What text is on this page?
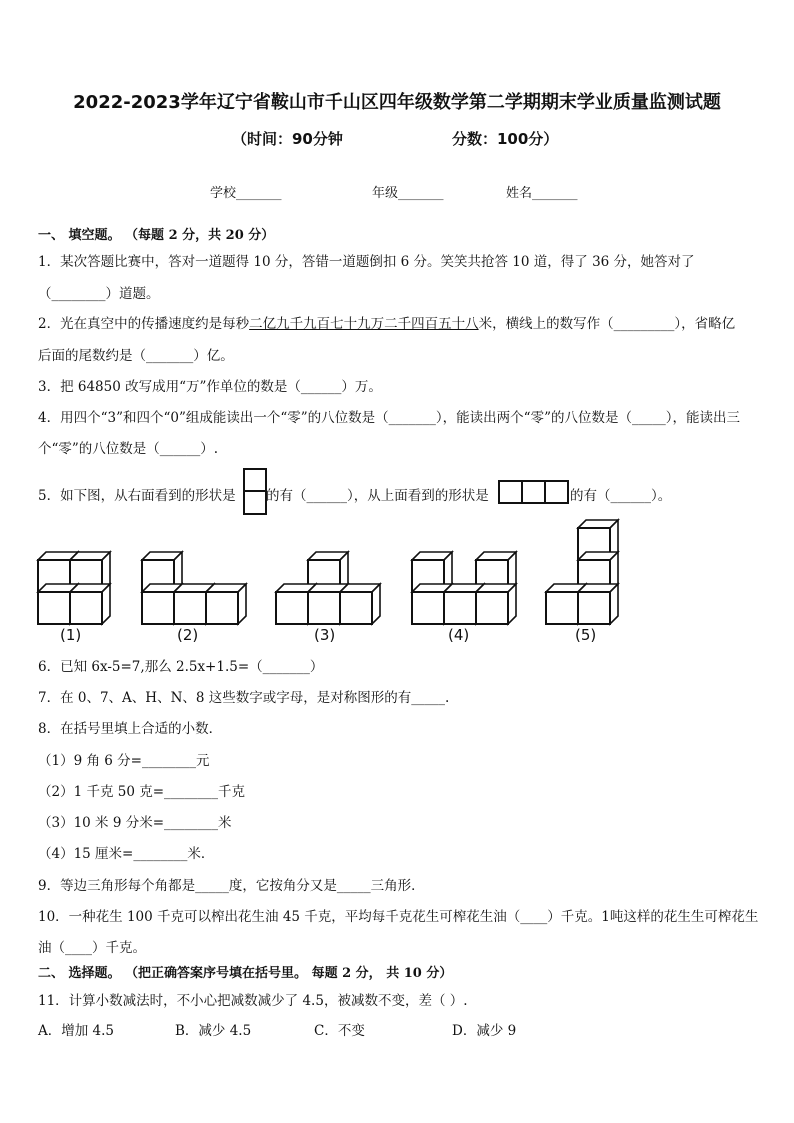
2022-2023学年辽宁省鞍山市千山区四年级数学第二学期期末学业质量监测试题
（时间：90分钟	分数：100分）
学校_______	年级_______	姓名_______
一、 填空题。 （每题 2 分，共 20 分）
1．某次答题比赛中，答对一道题得 10 分，答错一道题倒扣 6 分。笑笑共抢答 10 道，得了 36 分，她答对了
（________）道题。
2．光在真空中的传播速度约是每秒二亿九千九百七十九万二千四百五十八米，横线上的数写作（_________），省略亿
后面的尾数约是（_______）亿。
3．把 64850 改写成用“万”作单位的数是（______）万。
4．用四个“3”和四个“0”组成能读出一个“零”的八位数是（_______），能读出两个“零”的八位数是（_____），能读出三
个“零”的八位数是（______）.
5．如下图，从右面看到的形状是 的有（______），从上面看到的形状是	的有（______）。
(1)	(2)	(3)	(4)	(5)
6．已知 6x-5=7,那么 2.5x+1.5=（_______）
7．在 0、7、A、H、N、8 这些数字或字母，是对称图形的有_____.
8．在括号里填上合适的小数．
（1）9 角 6 分=________元
（2）1 千克 50 克=________千克
（3）10 米 9 分米=________米
（4）15 厘米=________米．
9．等边三角形每个角都是_____度，它按角分又是_____三角形．
10．一种花生 100 千克可以榨出花生油 45 千克，平均每千克花生可榨花生油（____）千克。1吨这样的花生生可榨花生
油（____）千克。
二、 选择题。 （把正确答案序号填在括号里。 每题 2 分， 共 10 分）
11．计算小数减法时，不小心把减数减少了 4.5，被减数不变，差（ ）.
A．增加 4.5	B．减少 4.5	C．不变	D．减少 9
